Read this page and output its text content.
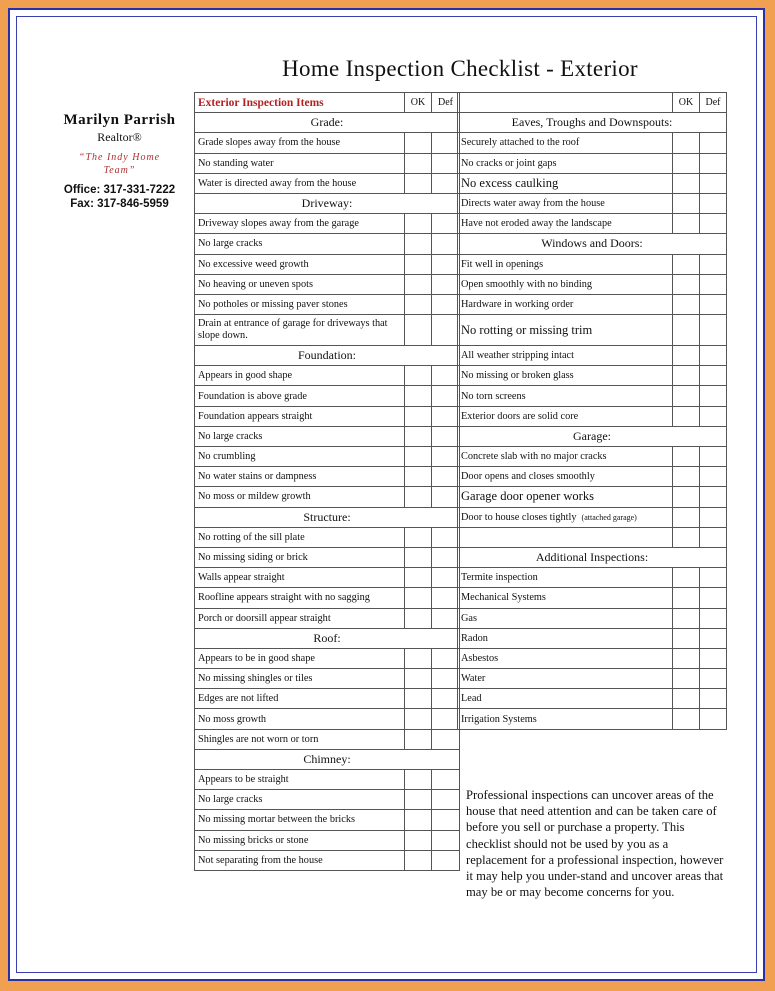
Home Inspection Checklist - Exterior
Marilyn Parrish
Realtor®
“The Indy Home
Team”
Office: 317-331-7222
Fax: 317-846-5959
Exterior Inspection Items	OK	Def
Grade:		
Grade slopes away from the house		
No standing water		
Water is directed away from the house		
Driveway:		
Driveway slopes away from the garage		
No large cracks		
No excessive weed growth		
No heaving or uneven spots		
No potholes or missing paver stones		
Drain at entrance of garage for driveways that slope down.		
Foundation:		
Appears in good shape		
Foundation is above grade		
Foundation appears straight		
No large cracks		
No crumbling		
No water stains or dampness		
No moss or mildew growth		
Structure:		
No rotting of the sill plate		
No missing siding or brick		
Walls appear straight		
Roofline appears straight with no sagging		
Porch or doorsill appear straight		
Roof:		
Appears to be in good shape		
No missing shingles or tiles		
Edges are not lifted		
No moss growth		
Shingles are not worn or torn		
Chimney:		
Appears to be straight		
No large cracks		
No missing mortar between the bricks		
No missing bricks or stone		
Not separating from the house		
	OK	Def
Eaves, Troughs and Downspouts:		
Securely attached to the roof		
No cracks or joint gaps		
No excess caulking		
Directs water away from the house		
Have not eroded away the landscape		
Windows and Doors:		
Fit well in openings		
Open smoothly with no binding		
Hardware in working order		
No rotting or missing trim		
All weather stripping intact		
No missing or broken glass		
No torn screens		
Exterior doors are solid core		
Garage:		
Concrete slab with no major cracks		
Door opens and closes smoothly		
Garage door opener works		
Door to house closes tightly (attached garage)		

Additional Inspections:		
Termite inspection		
Mechanical Systems		
Gas		
Radon		
Asbestos		
Water		
Lead		
Irrigation Systems		
Professional inspections can uncover areas of the house that need attention and can be taken care of before you sell or purchase a property. This checklist should not be used by you as a replacement for a professional inspection, however it may help you under-stand and uncover areas that may be or may become concerns for you.
